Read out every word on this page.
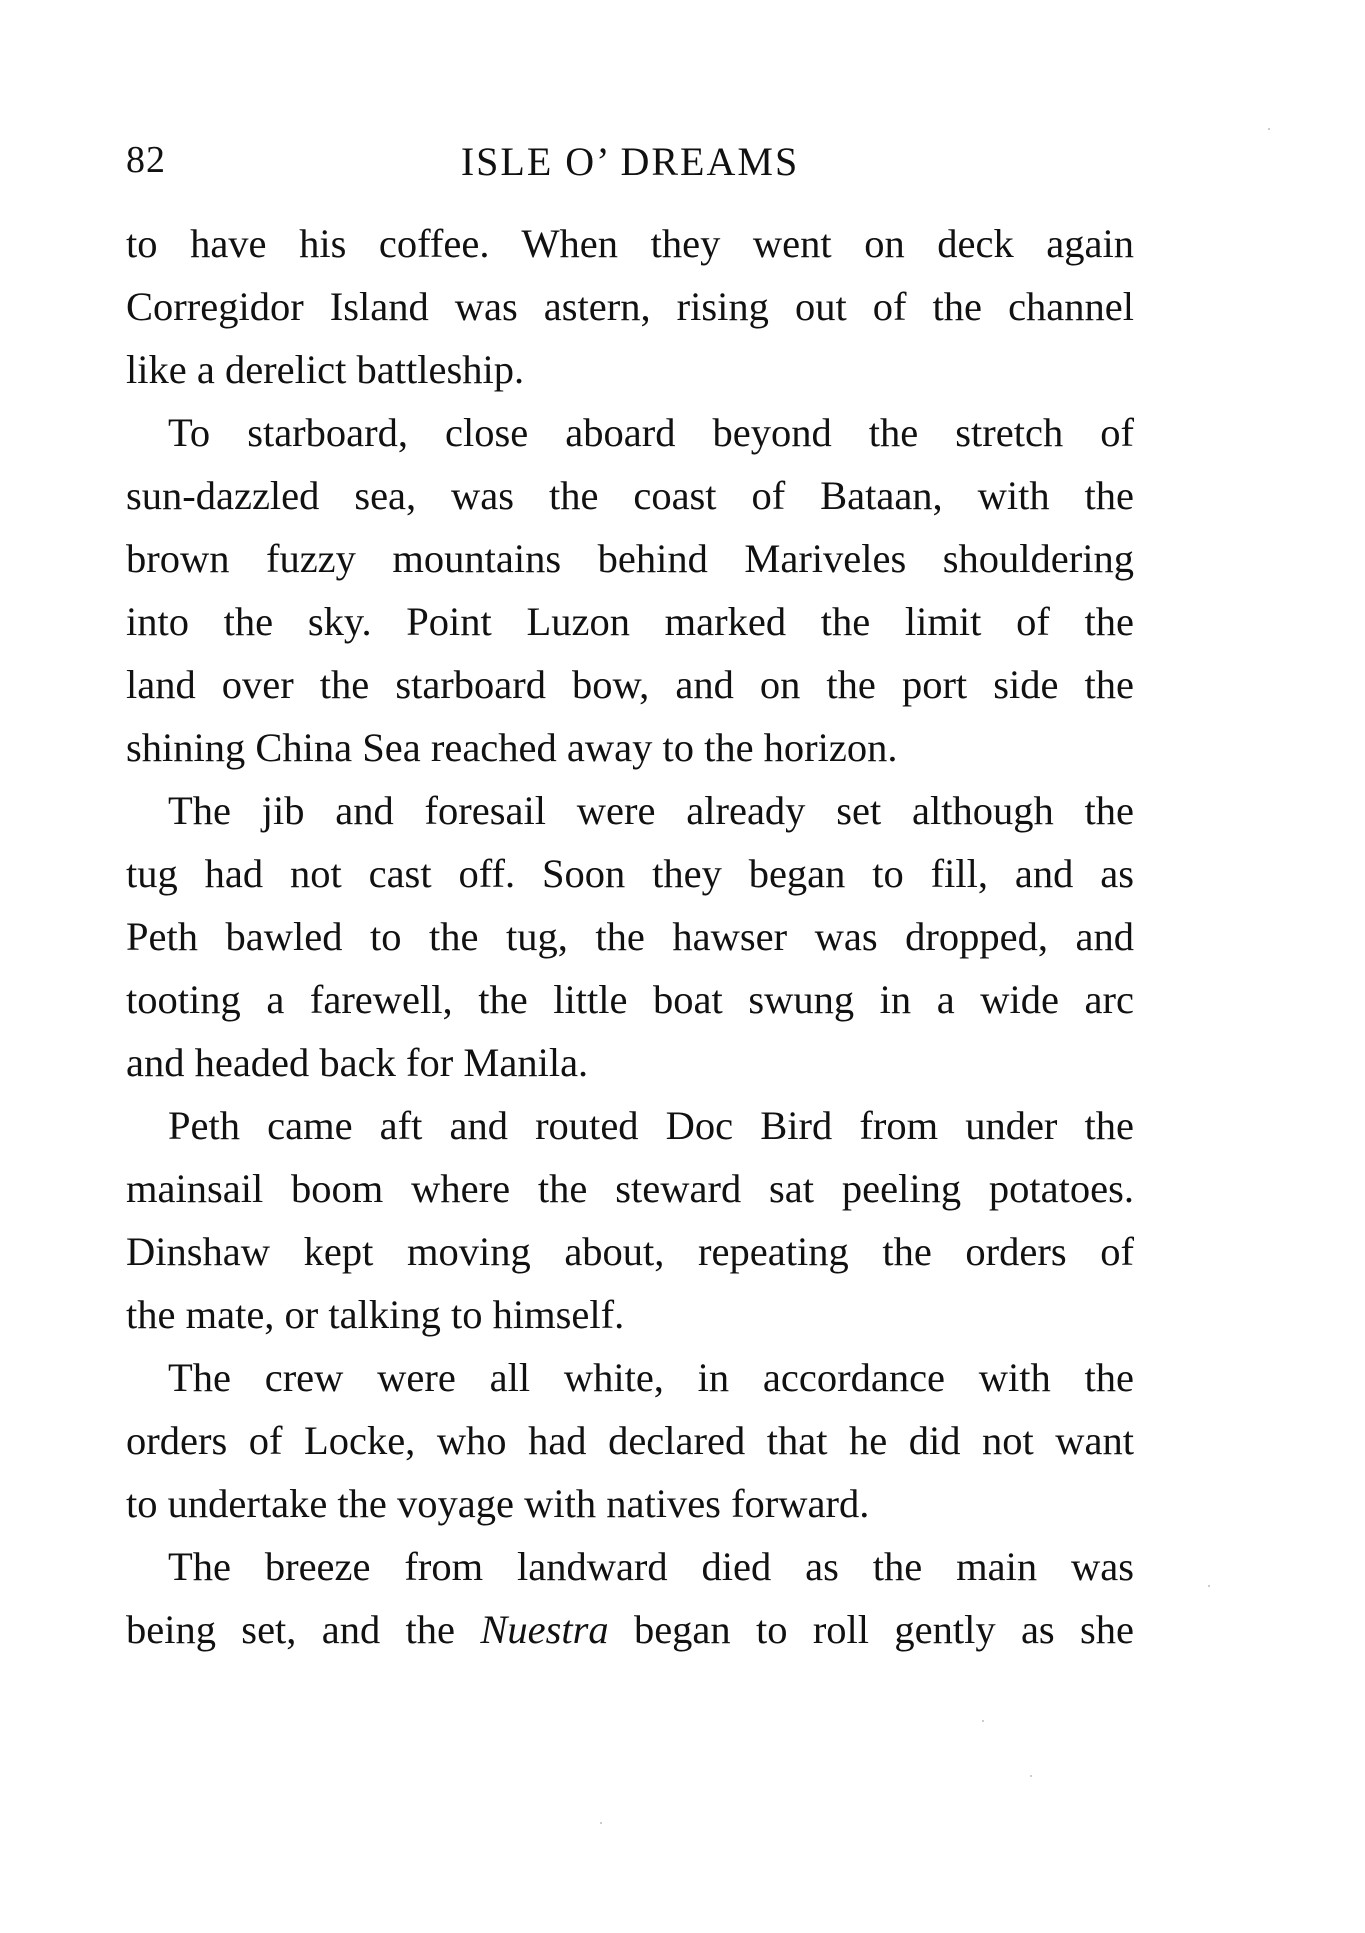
82	ISLE O’ DREAMS
to have his coffee. When they went on deck again
Corregidor Island was astern, rising out of the channel
like a derelict battleship.
To starboard, close aboard beyond the stretch of
sun-dazzled sea, was the coast of Bataan, with the
brown fuzzy mountains behind Mariveles shouldering
into the sky. Point Luzon marked the limit of the
land over the starboard bow, and on the port side the
shining China Sea reached away to the horizon.
The jib and foresail were already set although the
tug had not cast off. Soon they began to fill, and as
Peth bawled to the tug, the hawser was dropped, and
tooting a farewell, the little boat swung in a wide arc
and headed back for Manila.
Peth came aft and routed Doc Bird from under the
mainsail boom where the steward sat peeling potatoes.
Dinshaw kept moving about, repeating the orders of
the mate, or talking to himself.
The crew were all white, in accordance with the
orders of Locke, who had declared that he did not want
to undertake the voyage with natives forward.
The breeze from landward died as the main was
being set, and the Nuestra began to roll gently as she
